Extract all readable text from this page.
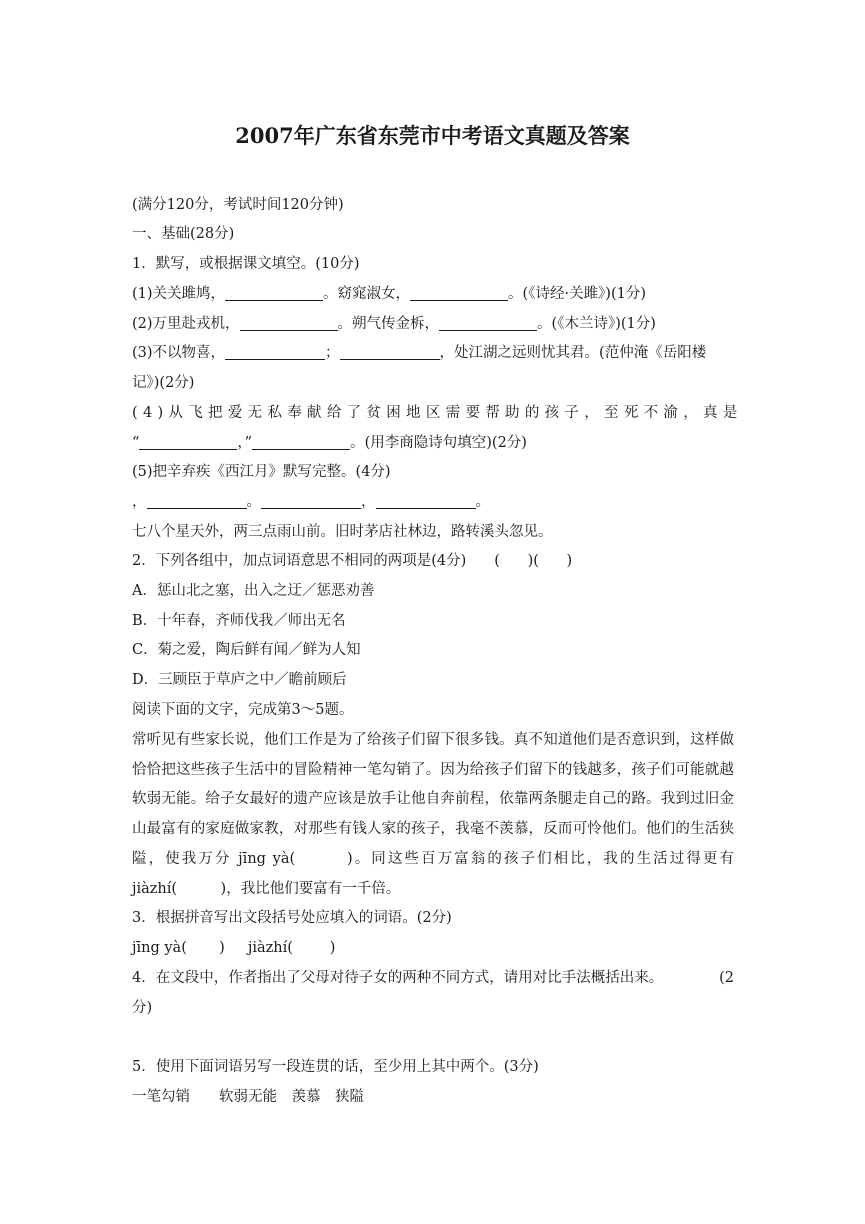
2007年广东省东莞市中考语文真题及答案
(满分120分，考试时间120分钟)
一、基础(28分)
1．默写，或根据课文填空。(10分)
(1)关关雎鸠，	。窈窕淑女，	。(《诗经·关雎》)(1分)
(2)万里赴戎机，	。朔气传金柝，	。(《木兰诗》)(1分)
(3)不以物喜，	；	，处江湖之远则忧其君。(范仲淹《岳阳楼
记》)(2分)
(4)从飞把爱无私奉献给了贫困地区需要帮助的孩子，至死不渝，真是
“	，”	。(用李商隐诗句填空)(2分)
(5)把辛弃疾《西江月》默写完整。(4分)
，	。	，	。
七八个星天外，两三点雨山前。旧时茅店社林边，路转溪头忽见。
2．下列各组中，加点词语意思不相同的两项是(4分) (      )(      )
A．惩山北之塞，出入之迂／惩恶劝善
B．十年春，齐师伐我／师出无名
C．菊之爱，陶后鲜有闻／鲜为人知
D．三顾臣于草庐之中／瞻前顾后
阅读下面的文字，完成第3～5题。
常听见有些家长说，他们工作是为了给孩子们留下很多钱。真不知道他们是否意识到，这样做恰恰把这些孩子生活中的冒险精神一笔勾销了。因为给孩子们留下的钱越多，孩子们可能就越软弱无能。给子女最好的遗产应该是放手让他自奔前程，依靠两条腿走自己的路。我到过旧金山最富有的家庭做家教，对那些有钱人家的孩子，我毫不羡慕，反而可怜他们。他们的生活狭隘，使我万分 jīng yà(　　　)。同这些百万富翁的孩子们相比，我的生活过得更有 jiàzhí(　　　)，我比他们要富有一千倍。
3．根据拼音写出文段括号处应填入的词语。(2分)
jīng yà(       )     jiàzhí(        )
4．在文段中，作者指出了父母对待子女的两种不同方式，请用对比手法概括出来。	(2
分)
5．使用下面词语另写一段连贯的话，至少用上其中两个。(3分)
一笔勾销　　软弱无能　羡慕　狭隘
